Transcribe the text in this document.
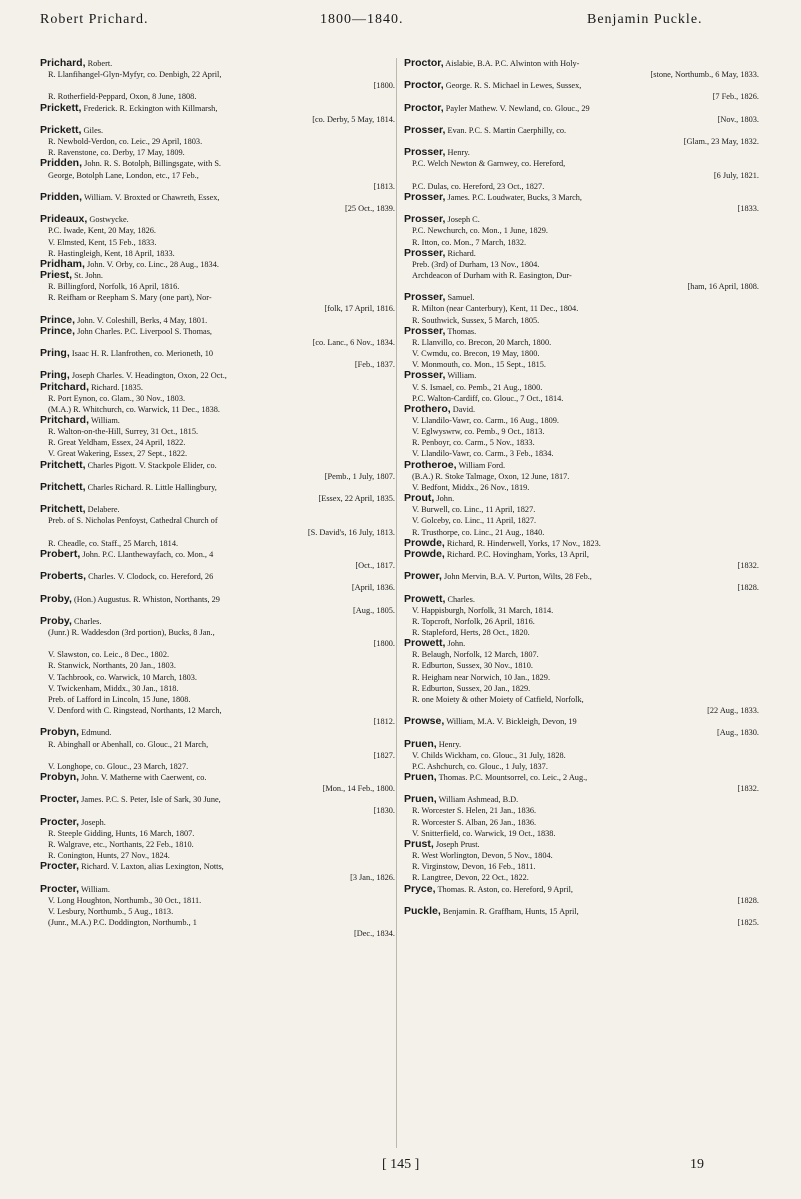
Robert Prichard.	1800—1840.	Benjamin Puckle.
Prichard, Robert.
R. Llanfihangel-Glyn-Myfyr, co. Denbigh, 22 April,
[1800.
R. Rotherfield-Peppard, Oxon, 8 June, 1808.
Prickett, Frederick. R. Eckington with Killmarsh,
[co. Derby, 5 May, 1814.
Prickett, Giles.
R. Newbold-Verdon, co. Leic., 29 April, 1803.
R. Ravenstone, co. Derby, 17 May, 1809.
Pridden, John. R. S. Botolph, Billingsgate, with S.
George, Botolph Lane, London, etc., 17 Feb.,
[1813.
Pridden, William. V. Broxted or Chawreth, Essex,
[25 Oct., 1839.
Prideaux, Gostwycke.
P.C. Iwade, Kent, 20 May, 1826.
V. Elmsted, Kent, 15 Feb., 1833.
R. Hastingleigh, Kent, 18 April, 1833.
Pridham, John. V. Orby, co. Linc., 28 Aug., 1834.
Priest, St. John.
R. Billingford, Norfolk, 16 April, 1816.
R. Reifham or Reepham S. Mary (one part), Nor-
[folk, 17 April, 1816.
Prince, John. V. Coleshill, Berks, 4 May, 1801.
Prince, John Charles. P.C. Liverpool S. Thomas,
[co. Lanc., 6 Nov., 1834.
Pring, Isaac H. R. Llanfrothen, co. Merioneth, 10
[Feb., 1837.
Pring, Joseph Charles. V. Headington, Oxon, 22 Oct.,
Pritchard, Richard. [1835.
R. Port Eynon, co. Glam., 30 Nov., 1803.
(M.A.) R. Whitchurch, co. Warwick, 11 Dec., 1838.
Pritchard, William.
R. Walton-on-the-Hill, Surrey, 31 Oct., 1815.
R. Great Yeldham, Essex, 24 April, 1822.
V. Great Wakering, Essex, 27 Sept., 1822.
Pritchett, Charles Pigott. V. Stackpole Elider, co.
[Pemb., 1 July, 1807.
Pritchett, Charles Richard. R. Little Hallingbury,
[Essex, 22 April, 1835.
Pritchett, Delabere.
Preb. of S. Nicholas Penfoyst, Cathedral Church of
[S. David's, 16 July, 1813.
R. Cheadle, co. Staff., 25 March, 1814.
Probert, John. P.C. Llanthewayfach, co. Mon., 4
[Oct., 1817.
Proberts, Charles. V. Clodock, co. Hereford, 26
[April, 1836.
Proby, (Hon.) Augustus. R. Whiston, Northants, 29
[Aug., 1805.
Proby, Charles.
(Junr.) R. Waddesdon (3rd portion), Bucks, 8 Jan.,
[1800.
V. Slawston, co. Leic., 8 Dec., 1802.
R. Stanwick, Northants, 20 Jan., 1803.
V. Tachbrook, co. Warwick, 10 March, 1803.
V. Twickenham, Middx., 30 Jan., 1818.
Preb. of Lafford in Lincoln, 15 June, 1808.
V. Denford with C. Ringstead, Northants, 12 March,
[1812.
Probyn, Edmund.
R. Abinghall or Abenhall, co. Glouc., 21 March,
[1827.
V. Longhope, co. Glouc., 23 March, 1827.
Probyn, John. V. Matherne with Caerwent, co.
[Mon., 14 Feb., 1800.
Procter, James. P.C. S. Peter, Isle of Sark, 30 June,
[1830.
Procter, Joseph.
R. Steeple Gidding, Hunts, 16 March, 1807.
R. Walgrave, etc., Northants, 22 Feb., 1810.
R. Conington, Hunts, 27 Nov., 1824.
Procter, Richard. V. Laxton, alias Lexington, Notts,
[3 Jan., 1826.
Procter, William.
V. Long Houghton, Northumb., 30 Oct., 1811.
V. Lesbury, Northumb., 5 Aug., 1813.
(Junr., M.A.) P.C. Doddington, Northumb., 1
[Dec., 1834.
Proctor, Aislabie, B.A. P.C. Alwinton with Holy-
[stone, Northumb., 6 May, 1833.
Proctor, George. R. S. Michael in Lewes, Sussex,
[7 Feb., 1826.
Proctor, Payler Mathew. V. Newland, co. Glouc., 29
[Nov., 1803.
Prosser, Evan. P.C. S. Martin Caerphilly, co.
[Glam., 23 May, 1832.
Prosser, Henry.
P.C. Welch Newton & Garnwey, co. Hereford,
[6 July, 1821.
P.C. Dulas, co. Hereford, 23 Oct., 1827.
Prosser, James. P.C. Loudwater, Bucks, 3 March,
[1833.
Prosser, Joseph C.
P.C. Newchurch, co. Mon., 1 June, 1829.
R. Itton, co. Mon., 7 March, 1832.
Prosser, Richard.
Preb. (3rd) of Durham, 13 Nov., 1804.
Archdeacon of Durham with R. Easington, Dur-
[ham, 16 April, 1808.
Prosser, Samuel.
R. Milton (near Canterbury), Kent, 11 Dec., 1804.
R. Southwick, Sussex, 5 March, 1805.
Prosser, Thomas.
R. Llanvillo, co. Brecon, 20 March, 1800.
V. Cwmdu, co. Brecon, 19 May, 1800.
V. Monmouth, co. Mon., 15 Sept., 1815.
Prosser, William.
V. S. Ismael, co. Pemb., 21 Aug., 1800.
P.C. Walton-Cardiff, co. Glouc., 7 Oct., 1814.
Prothero, David.
V. Llandilo-Vawr, co. Carm., 16 Aug., 1809.
V. Eglwyswrw, co. Pemb., 9 Oct., 1813.
R. Penboyr, co. Carm., 5 Nov., 1833.
V. Llandilo-Vawr, co. Carm., 3 Feb., 1834.
Protheroe, William Ford.
(B.A.) R. Stoke Talmage, Oxon, 12 June, 1817.
V. Bedfont, Middx., 26 Nov., 1819.
Prout, John.
V. Burwell, co. Linc., 11 April, 1827.
V. Golceby, co. Linc., 11 April, 1827.
R. Trusthorpe, co. Linc., 21 Aug., 1840.
Prowde, Richard, R. Hinderwell, Yorks, 17 Nov., 1823.
Prowde, Richard. P.C. Hovingham, Yorks, 13 April,
[1832.
Prower, John Mervin, B.A. V. Purton, Wilts, 28 Feb.,
[1828.
Prowett, Charles.
V. Happisburgh, Norfolk, 31 March, 1814.
R. Topcroft, Norfolk, 26 April, 1816.
R. Stapleford, Herts, 28 Oct., 1820.
Prowett, John.
R. Belaugh, Norfolk, 12 March, 1807.
R. Edburton, Sussex, 30 Nov., 1810.
R. Heigham near Norwich, 10 Jan., 1829.
R. Edburton, Sussex, 20 Jan., 1829.
R. one Moiety & other Moiety of Catfield, Norfolk,
[22 Aug., 1833.
Prowse, William, M.A. V. Bickleigh, Devon, 19
[Aug., 1830.
Pruen, Henry.
V. Childs Wickham, co. Glouc., 31 July, 1828.
P.C. Ashchurch, co. Glouc., 1 July, 1837.
Pruen, Thomas. P.C. Mountsorrel, co. Leic., 2 Aug.,
[1832.
Pruen, William Ashmead, B.D.
R. Worcester S. Helen, 21 Jan., 1836.
R. Worcester S. Alban, 26 Jan., 1836.
V. Snitterfield, co. Warwick, 19 Oct., 1838.
Prust, Joseph Prust.
R. West Worlington, Devon, 5 Nov., 1804.
R. Virginstow, Devon, 16 Feb., 1811.
R. Langtree, Devon, 22 Oct., 1822.
Pryce, Thomas. R. Aston, co. Hereford, 9 April,
[1828.
Puckle, Benjamin. R. Graffham, Hunts, 15 April,
[1825.
[ 145 ]	19
